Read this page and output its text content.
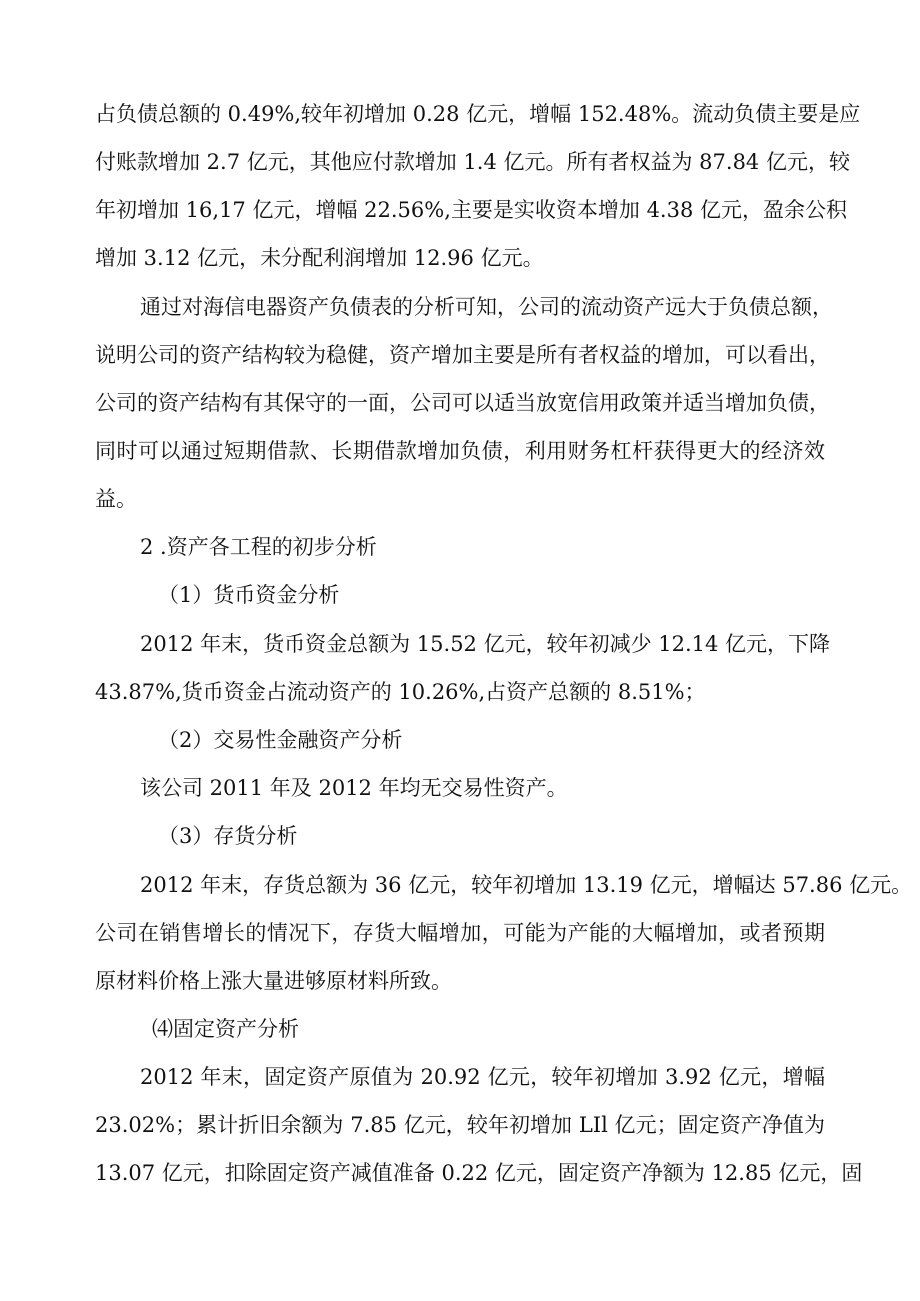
占负债总额的 0.49%,较年初增加 0.28 亿元，增幅 152.48%。流动负债主要是应
付账款增加 2.7 亿元，其他应付款增加 1.4 亿元。所有者权益为 87.84 亿元，较
年初增加 16,17 亿元，增幅 22.56%,主要是实收资本增加 4.38 亿元，盈余公积
增加 3.12 亿元，未分配利润增加 12.96 亿元。
通过对海信电器资产负债表的分析可知，公司的流动资产远大于负债总额，
说明公司的资产结构较为稳健，资产增加主要是所有者权益的增加，可以看出，
公司的资产结构有其保守的一面，公司可以适当放宽信用政策并适当增加负债，
同时可以通过短期借款、长期借款增加负债，利用财务杠杆获得更大的经济效
益。
2 .资产各工程的初步分析
（1）货币资金分析
2012 年末，货币资金总额为 15.52 亿元，较年初减少 12.14 亿元，下降
43.87%,货币资金占流动资产的 10.26%,占资产总额的 8.51%；
（2）交易性金融资产分析
该公司 2011 年及 2012 年均无交易性资产。
（3）存货分析
2012 年末，存货总额为 36 亿元，较年初增加 13.19 亿元，增幅达 57.86 亿元。
公司在销售增长的情况下，存货大幅增加，可能为产能的大幅增加，或者预期
原材料价格上涨大量进够原材料所致。
⑷固定资产分析
2012 年末，固定资产原值为 20.92 亿元，较年初增加 3.92 亿元，增幅
23.02%；累计折旧余额为 7.85 亿元，较年初增加 LIl 亿元；固定资产净值为
13.07 亿元，扣除固定资产减值准备 0.22 亿元，固定资产净额为 12.85 亿元，固
